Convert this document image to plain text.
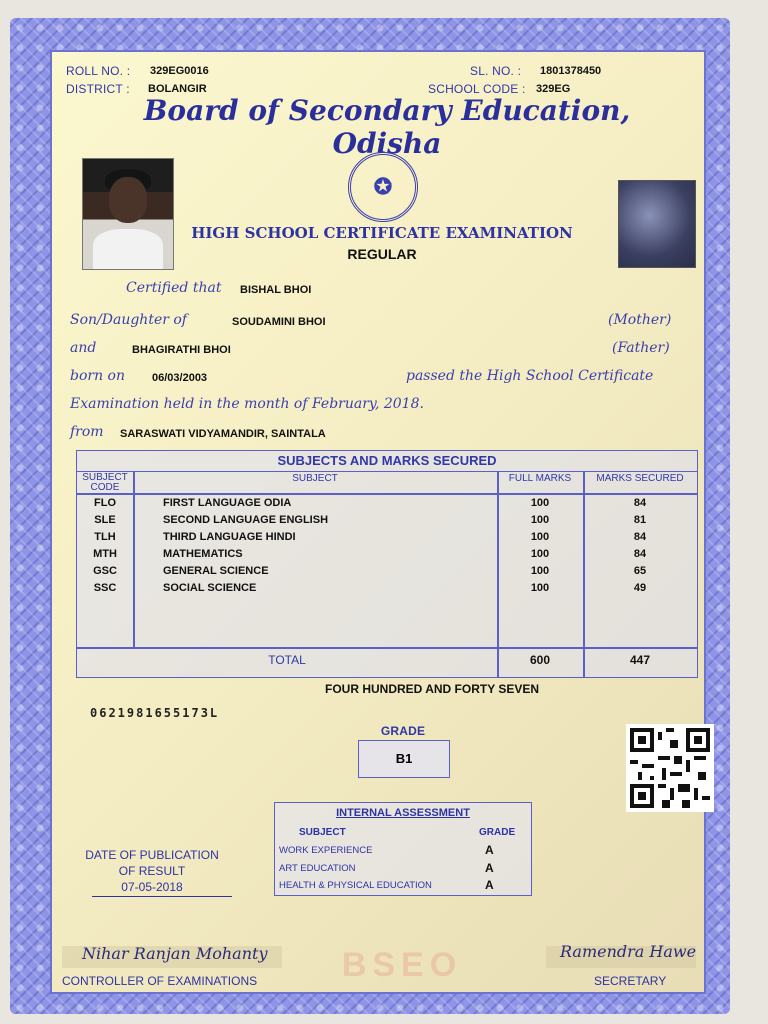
ROLL NO. : 329EG0016	SL. NO. : 1801378450
DISTRICT : BOLANGIR	SCHOOL CODE : 329EG
Board of Secondary Education, Odisha
✪
HIGH SCHOOL CERTIFICATE EXAMINATION
REGULAR
Certified that BISHAL BHOI
Son/Daughter of	SOUDAMINI BHOI	(Mother)
and	BHAGIRATHI BHOI	(Father)
born on 06/03/2003	passed the High School Certificate
Examination held in the month of February, 2018.
from SARASWATI VIDYAMANDIR, SAINTALA
SUBJECTS AND MARKS SECURED
SUBJECT CODE
SUBJECT	FULL MARKS	MARKS SECURED
FLO	FIRST LANGUAGE ODIA	100	84
SLE	SECOND LANGUAGE ENGLISH	100	81
TLH	THIRD LANGUAGE HINDI	100	84
MTH	MATHEMATICS	100	84
GSC	GENERAL SCIENCE	100	65
SSC	SOCIAL SCIENCE	100	49
TOTAL	600	447
FOUR HUNDRED AND FORTY SEVEN
0621981655173L
GRADE
B1
INTERNAL ASSESSMENT
SUBJECT	GRADE
WORK EXPERIENCE	A
ART EDUCATION	A
HEALTH & PHYSICAL EDUCATION	A
DATE OF PUBLICATION
OF RESULT
07-05-2018
BSEO
Nihar Ranjan Mohanty
CONTROLLER OF EXAMINATIONS
Ramendra Hawe
SECRETARY
